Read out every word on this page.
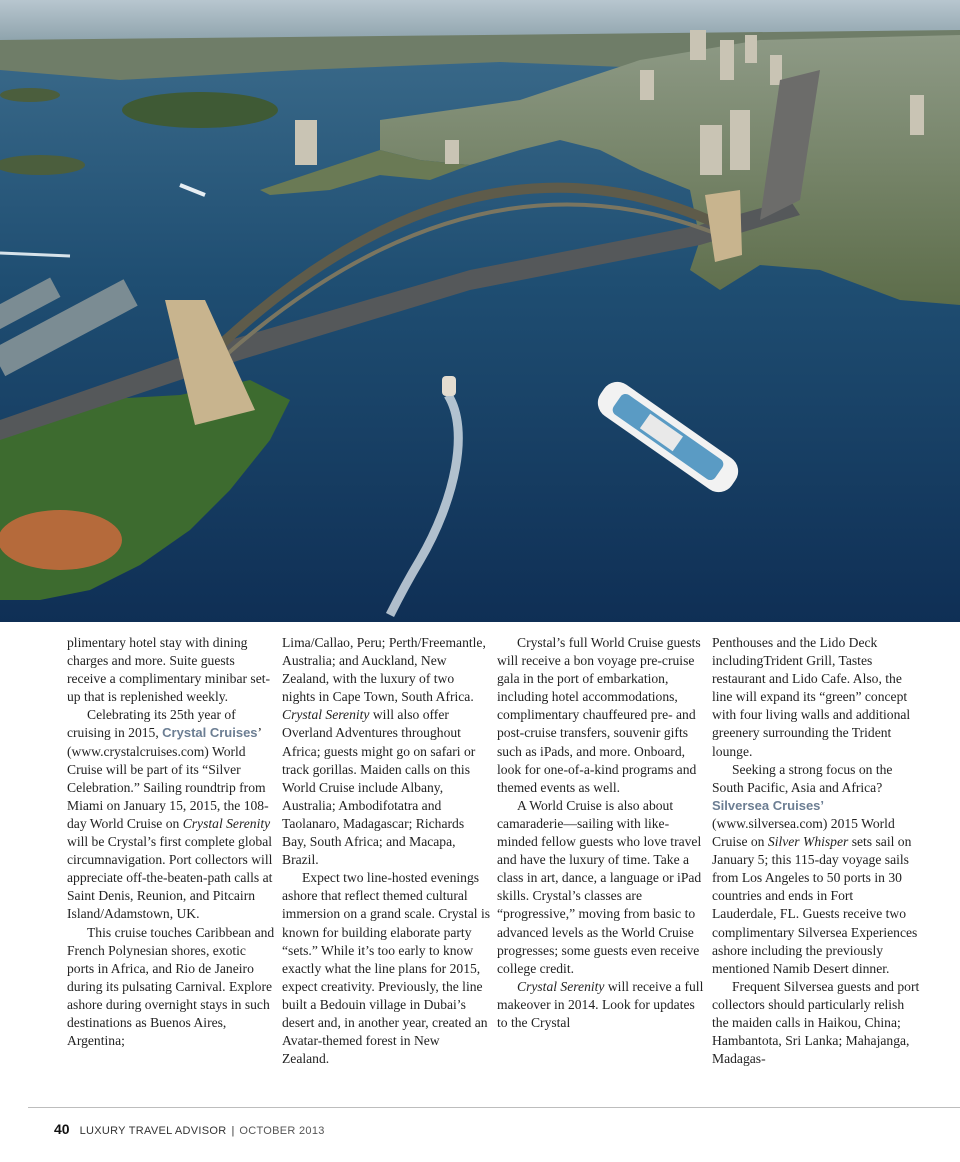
plimentary hotel stay with dining charges and more. Suite guests receive a complimentary minibar set-up that is replenished weekly.

Celebrating its 25th year of cruising in 2015, Crystal Cruises’ (www.crystalcruises.com) World Cruise will be part of its “Silver Celebration.” Sailing roundtrip from Miami on January 15, 2015, the 108-day World Cruise on Crystal Serenity will be Crystal’s first complete global circumnavigation. Port collectors will appreciate off-the-beaten-path calls at Saint Denis, Reunion, and Pitcairn Island/Adamstown, UK.

This cruise touches Caribbean and French Polynesian shores, exotic ports in Africa, and Rio de Janeiro during its pulsating Carnival. Explore ashore during overnight stays in such destinations as Buenos Aires, Argentina;

Lima/Callao, Peru; Perth/Freemantle, Australia; and Auckland, New Zealand, with the luxury of two nights in Cape Town, South Africa. Crystal Serenity will also offer Overland Adventures throughout Africa; guests might go on safari or track gorillas. Maiden calls on this World Cruise include Albany, Australia; Ambodifotatra and Taolanaro, Madagascar; Richards Bay, South Africa; and Macapa, Brazil.

Expect two line-hosted evenings ashore that reflect themed cultural immersion on a grand scale. Crystal is known for building elaborate party “sets.” While it’s too early to know exactly what the line plans for 2015, expect creativity. Previously, the line built a Bedouin village in Dubai’s desert and, in another year, created an Avatar-themed forest in New Zealand.

Crystal’s full World Cruise guests will receive a bon voyage pre-cruise gala in the port of embarkation, including hotel accommodations, complimentary chauffeured pre- and post-cruise transfers, souvenir gifts such as iPads, and more. Onboard, look for one-of-a-kind programs and themed events as well.

A World Cruise is also about camaraderie—sailing with like-minded fellow guests who love travel and have the luxury of time. Take a class in art, dance, a language or iPad skills. Crystal’s classes are “progressive,” moving from basic to advanced levels as the World Cruise progresses; some guests even receive college credit.

Crystal Serenity will receive a full makeover in 2014. Look for updates to the Crystal

Penthouses and the Lido Deck includingTrident Grill, Tastes restaurant and Lido Cafe. Also, the line will expand its “green” concept with four living walls and additional greenery surrounding the Trident lounge.

Seeking a strong focus on the South Pacific, Asia and Africa? Silversea Cruises’ (www.silversea.com) 2015 World Cruise on Silver Whisper sets sail on January 5; this 115-day voyage sails from Los Angeles to 50 ports in 30 countries and ends in Fort Lauderdale, FL. Guests receive two complimentary Silversea Experiences ashore including the previously mentioned Namib Desert dinner.

Frequent Silversea guests and port collectors should particularly relish the maiden calls in Haikou, China; Hambantota, Sri Lanka; Mahajanga, Madagas-

40 LUXURY TRAVEL ADVISOR | OCTOBER 2013
